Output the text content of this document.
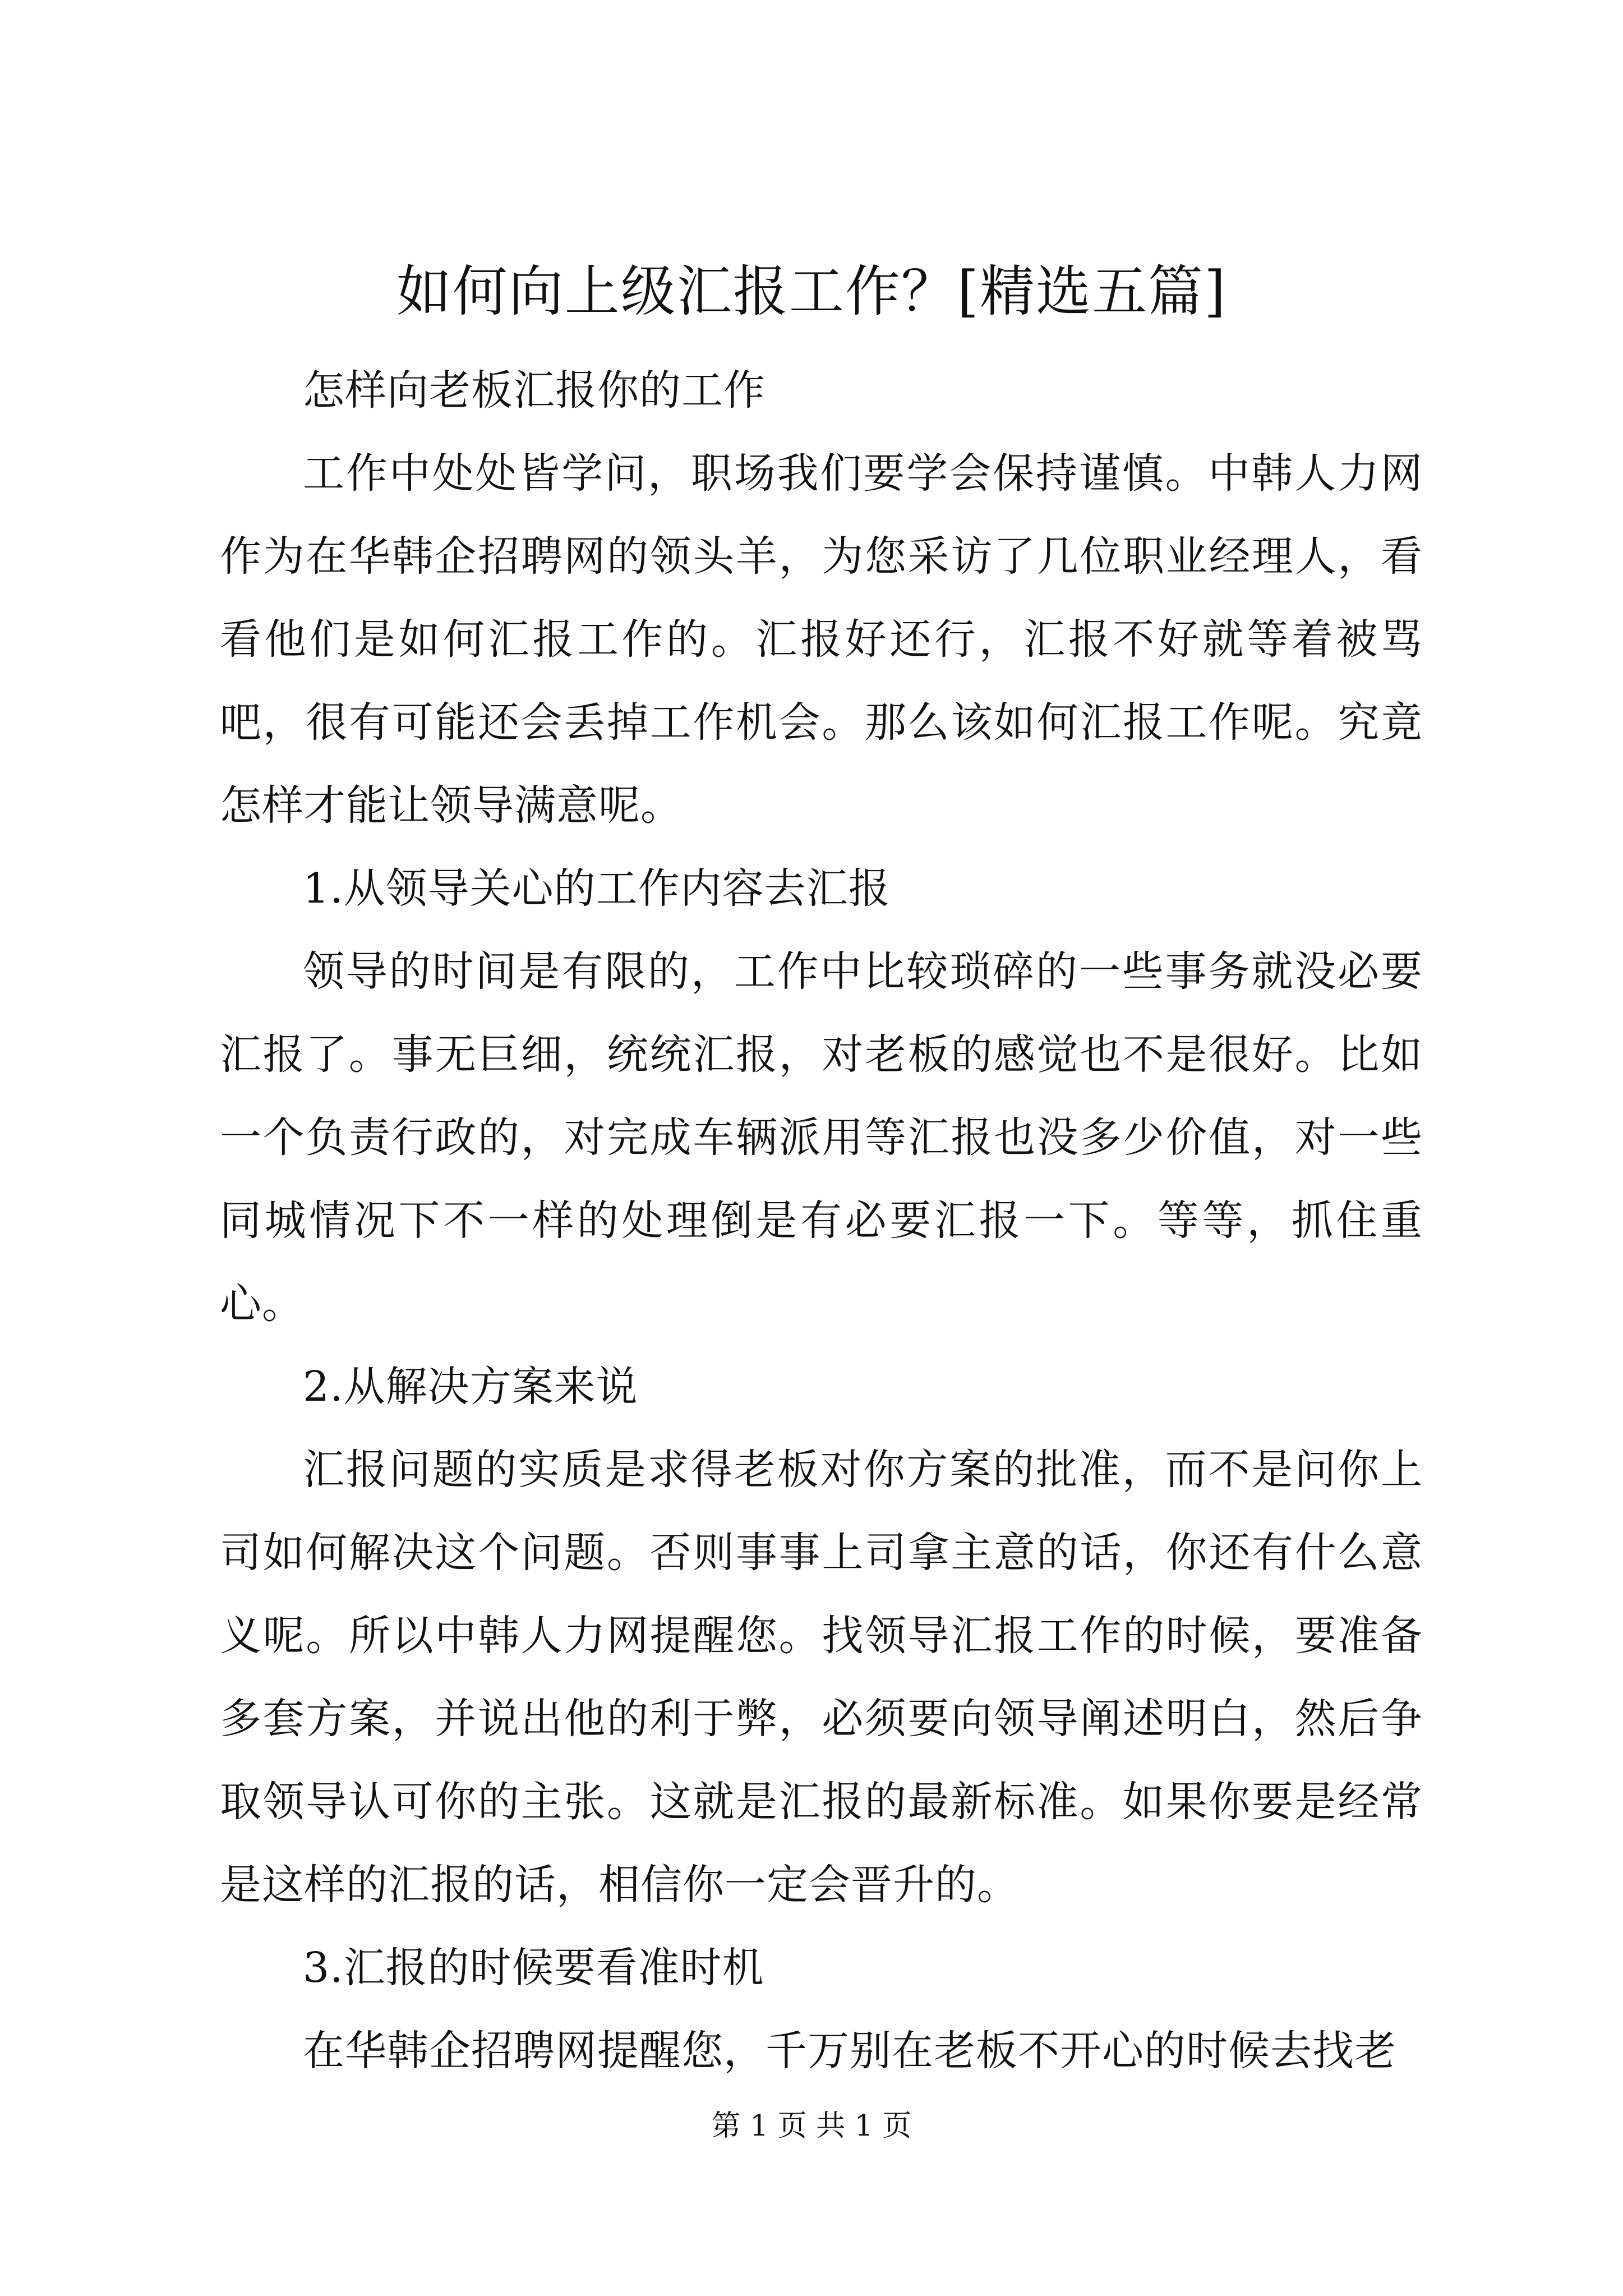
如何向上级汇报工作？[精选五篇]

怎样向老板汇报你的工作

工作中处处皆学问，职场我们要学会保持谨慎。中韩人力网作为在华韩企招聘网的领头羊，为您采访了几位职业经理人，看看他们是如何汇报工作的。汇报好还行，汇报不好就等着被骂吧，很有可能还会丢掉工作机会。那么该如何汇报工作呢。究竟怎样才能让领导满意呢。

1.从领导关心的工作内容去汇报

领导的时间是有限的，工作中比较琐碎的一些事务就没必要汇报了。事无巨细，统统汇报，对老板的感觉也不是很好。比如一个负责行政的，对完成车辆派用等汇报也没多少价值，对一些同城情况下不一样的处理倒是有必要汇报一下。等等，抓住重心。

2.从解决方案来说

汇报问题的实质是求得老板对你方案的批准，而不是问你上司如何解决这个问题。否则事事上司拿主意的话，你还有什么意义呢。所以中韩人力网提醒您。找领导汇报工作的时候，要准备多套方案，并说出他的利于弊，必须要向领导阐述明白，然后争取领导认可你的主张。这就是汇报的最新标准。如果你要是经常是这样的汇报的话，相信你一定会晋升的。

3.汇报的时候要看准时机

在华韩企招聘网提醒您，千万别在老板不开心的时候去找老

第 1 页 共 1 页
